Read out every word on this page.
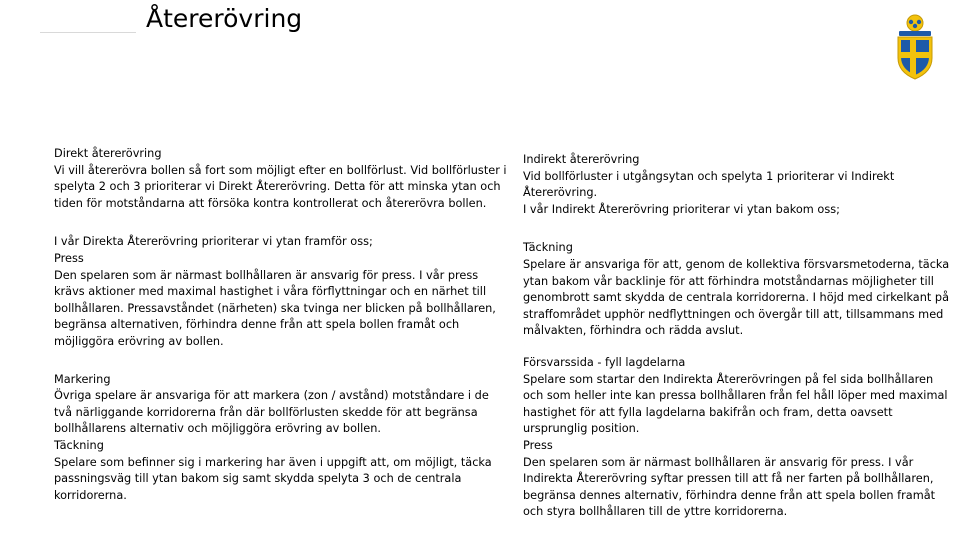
Återerövring

Direkt återerövring

Vi vill återerövra bollen så fort som möjligt efter en bollförlust. Vid bollförluster i spelyta 2 och 3 prioriterar vi Direkt Återerövring. Detta för att minska ytan och tiden för motståndarna att försöka kontra kontrollerat och återerövra bollen.

I vår Direkta Återerövring prioriterar vi ytan framför oss;

Press

Den spelaren som är närmast bollhållaren är ansvarig för press. I vår press krävs aktioner med maximal hastighet i våra förflyttningar och en närhet till bollhållaren. Pressavståndet (närheten) ska tvinga ner blicken på bollhållaren, begränsa alternativen, förhindra denne från att spela bollen framåt och möjliggöra erövring av bollen.

Markering

Övriga spelare är ansvariga för att markera (zon / avstånd) motståndare i de två närliggande korridorerna från där bollförlusten skedde för att begränsa bollhållarens alternativ och möjliggöra erövring av bollen.

Täckning

Spelare som befinner sig i markering har även i uppgift att, om möjligt, täcka passningsväg till ytan bakom sig samt skydda spelyta 3 och de centrala korridorerna.

Indirekt återerövring

Vid bollförluster i utgångsytan och spelyta 1 prioriterar vi Indirekt Återerövring.

I vår Indirekt Återerövring prioriterar vi ytan bakom oss;

Täckning

Spelare är ansvariga för att, genom de kollektiva försvarsmetoderna, täcka ytan bakom vår backlinje för att förhindra motståndarnas möjligheter till genombrott samt skydda de centrala korridorerna. I höjd med cirkelkant på straffområdet upphör nedflyttningen och övergår till att, tillsammans med målvakten, förhindra och rädda avslut.

Försvarssida - fyll lagdelarna

Spelare som startar den Indirekta Återerövringen på fel sida bollhållaren och som heller inte kan pressa bollhållaren från fel håll löper med maximal hastighet för att fylla lagdelarna bakifrån och fram, detta oavsett ursprunglig position.

Press

Den spelaren som är närmast bollhållaren är ansvarig för press. I vår Indirekta Återerövring syftar pressen till att få ner farten på bollhållaren, begränsa dennes alternativ, förhindra denne från att spela bollen framåt och styra bollhållaren till de yttre korridorerna.
